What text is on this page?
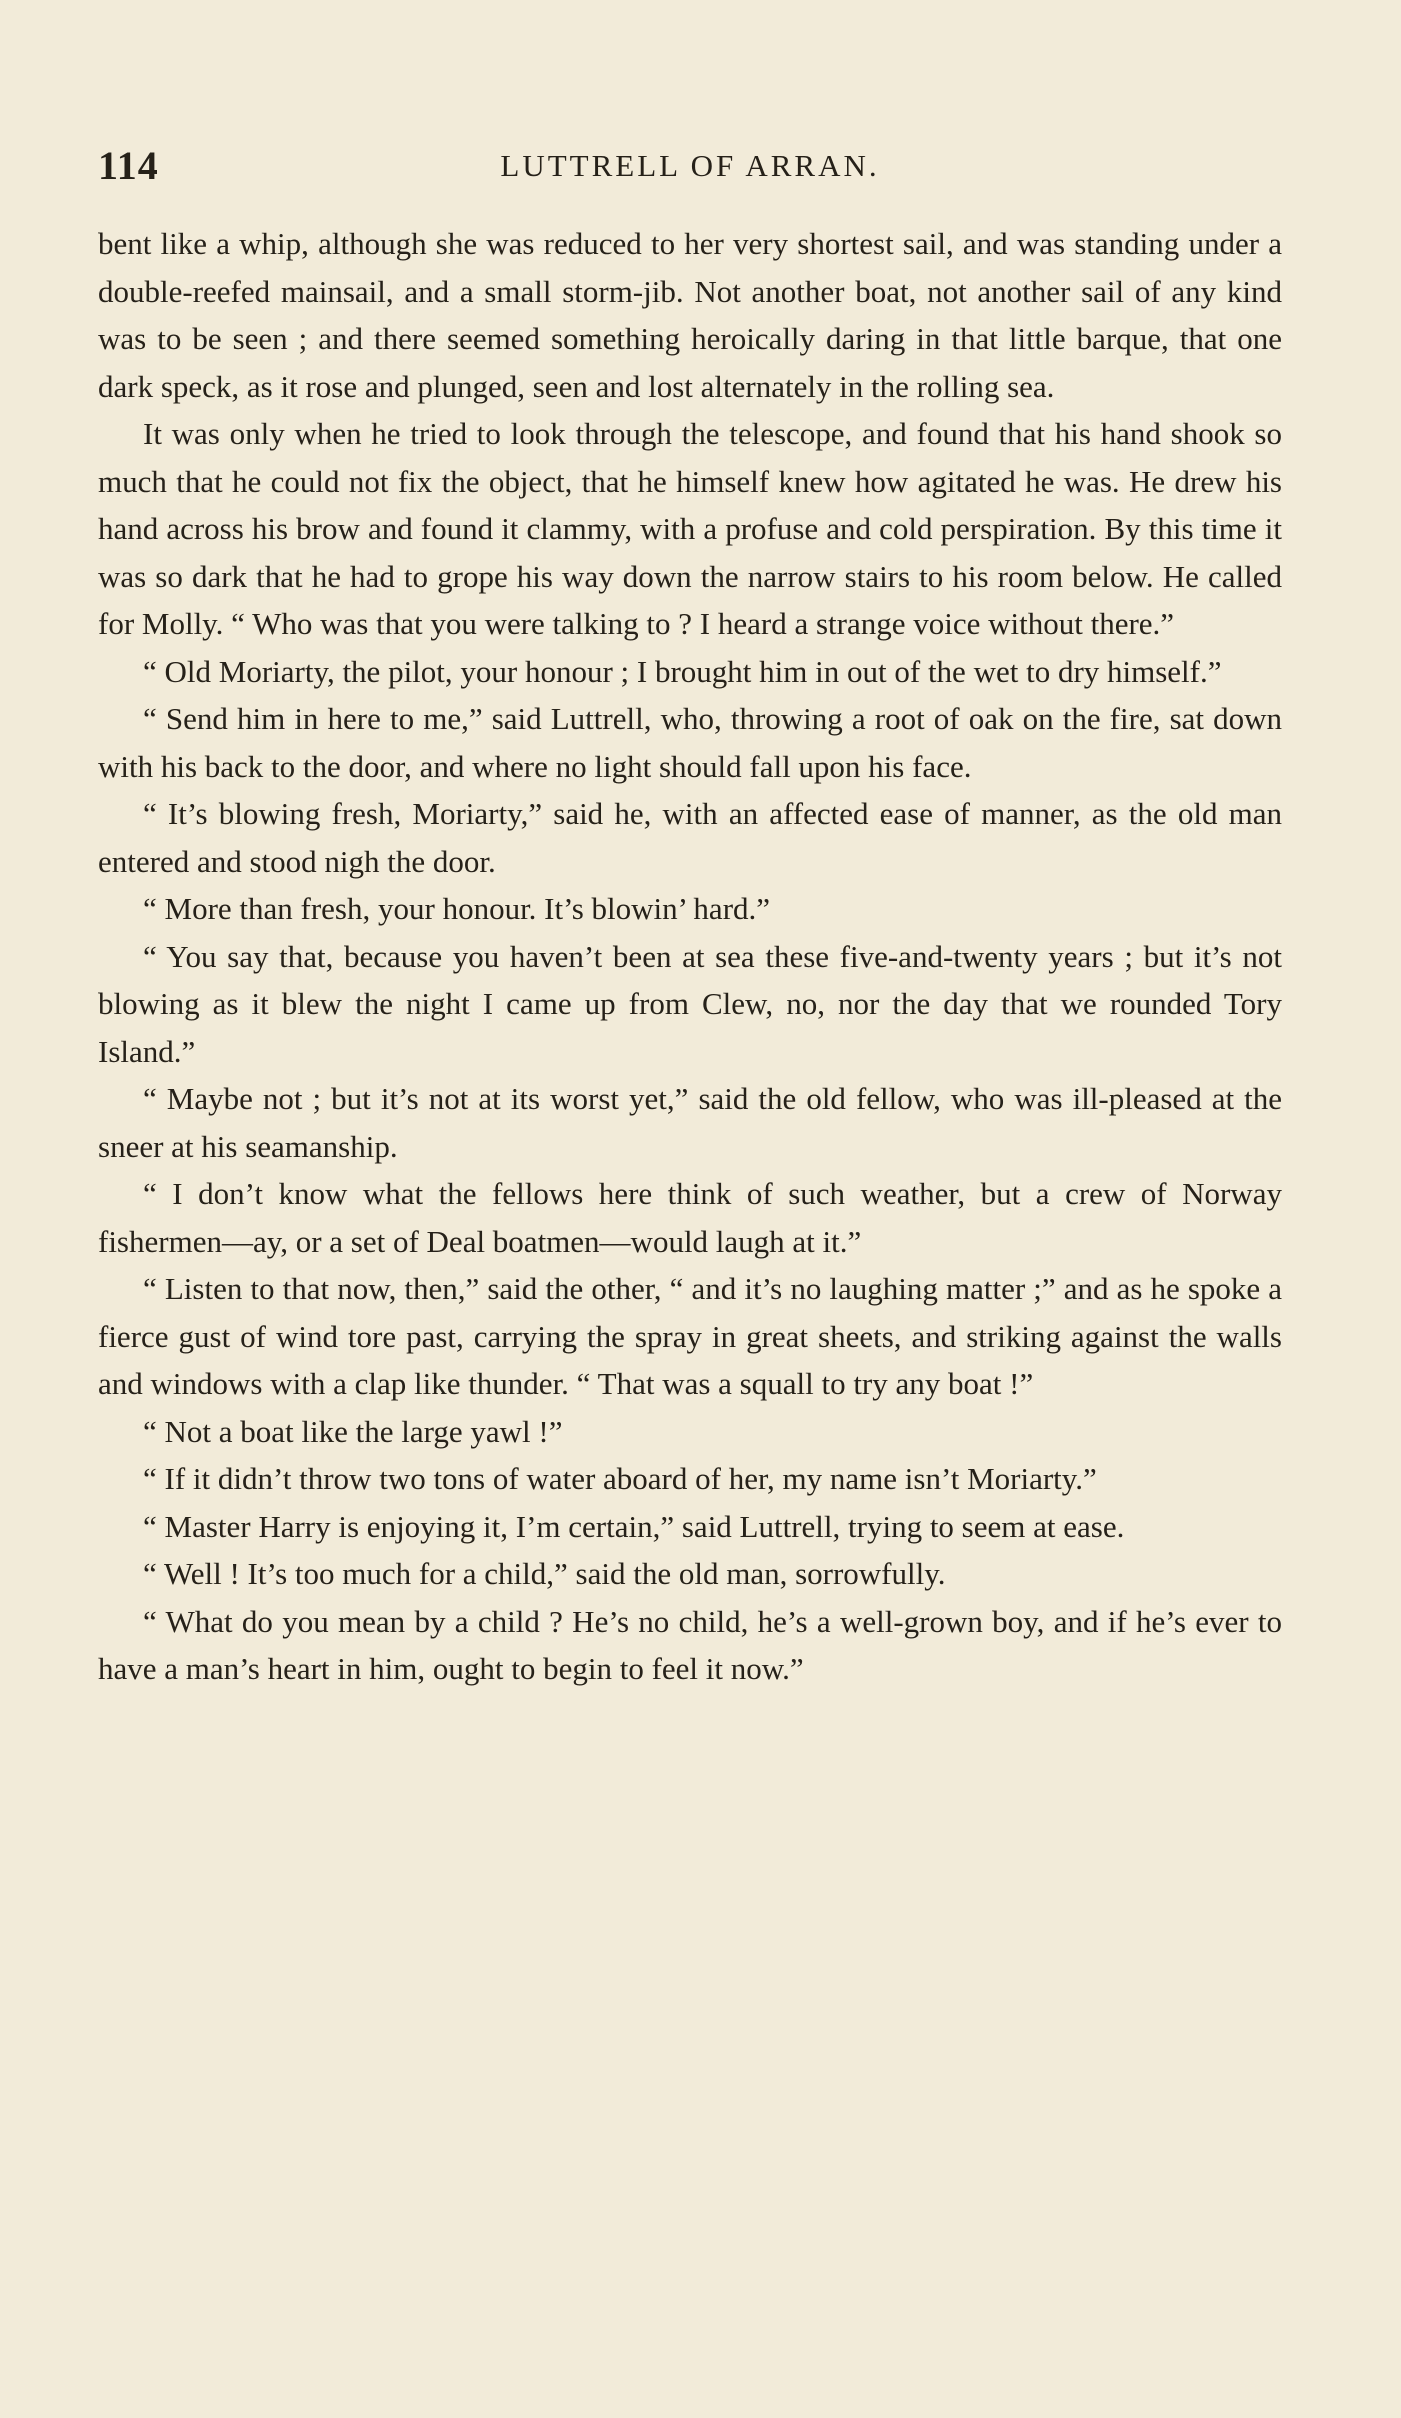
114	LUTTRELL OF ARRAN.

bent like a whip, although she was reduced to her very shortest sail, and was standing under a double-reefed mainsail, and a small storm-jib. Not another boat, not another sail of any kind was to be seen ; and there seemed something heroically daring in that little barque, that one dark speck, as it rose and plunged, seen and lost alternately in the rolling sea.

It was only when he tried to look through the telescope, and found that his hand shook so much that he could not fix the object, that he himself knew how agitated he was. He drew his hand across his brow and found it clammy, with a profuse and cold perspiration. By this time it was so dark that he had to grope his way down the narrow stairs to his room below. He called for Molly. “ Who was that you were talking to ? I heard a strange voice without there.”

“ Old Moriarty, the pilot, your honour ; I brought him in out of the wet to dry himself.”

“ Send him in here to me,” said Luttrell, who, throwing a root of oak on the fire, sat down with his back to the door, and where no light should fall upon his face.

“ It’s blowing fresh, Moriarty,” said he, with an affected ease of manner, as the old man entered and stood nigh the door.

“ More than fresh, your honour. It’s blowin’ hard.”

“ You say that, because you haven’t been at sea these five-and-twenty years ; but it’s not blowing as it blew the night I came up from Clew, no, nor the day that we rounded Tory Island.”

“ Maybe not ; but it’s not at its worst yet,” said the old fellow, who was ill-pleased at the sneer at his seamanship.

“ I don’t know what the fellows here think of such weather, but a crew of Norway fishermen—ay, or a set of Deal boatmen—would laugh at it.”

“ Listen to that now, then,” said the other, “ and it’s no laughing matter ;” and as he spoke a fierce gust of wind tore past, carrying the spray in great sheets, and striking against the walls and windows with a clap like thunder. “ That was a squall to try any boat !”

“ Not a boat like the large yawl !”

“ If it didn’t throw two tons of water aboard of her, my name isn’t Moriarty.”

“ Master Harry is enjoying it, I’m certain,” said Luttrell, trying to seem at ease.

“ Well ! It’s too much for a child,” said the old man, sorrowfully.

“ What do you mean by a child ? He’s no child, he’s a well-grown boy, and if he’s ever to have a man’s heart in him, ought to begin to feel it now.”
